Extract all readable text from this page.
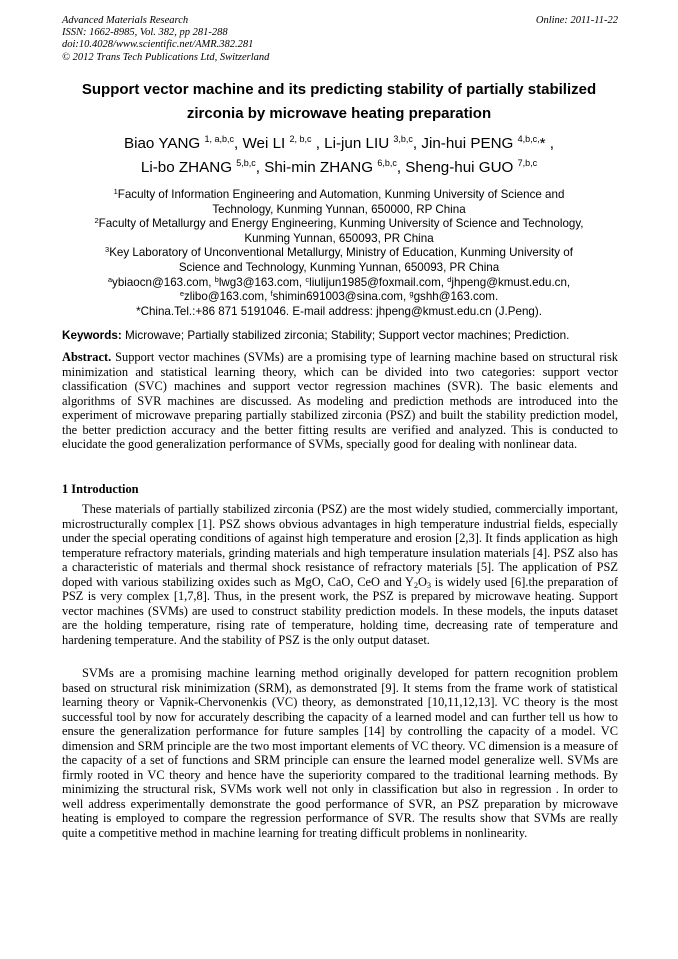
Advanced Materials Research
ISSN: 1662-8985, Vol. 382, pp 281-288
doi:10.4028/www.scientific.net/AMR.382.281
© 2012 Trans Tech Publications Ltd, Switzerland
Online: 2011-11-22
Support vector machine and its predicting stability of partially stabilized
zirconia by microwave heating preparation
Biao YANG $^{1, a,b,c}$, Wei LI $^{2, b,c}$ , Li-jun LIU $^{3,b,c}$, Jin-hui PENG $^{4,b,c,}$* ,
Li-bo ZHANG $^{5,b,c}$, Shi-min ZHANG $^{6,b,c}$, Sheng-hui GUO $^{7,b,c}$
$^1$Faculty of Information Engineering and Automation, Kunming University of Science and
Technology, Kunming Yunnan, 650000, RP China
$^2$Faculty of Metallurgy and Energy Engineering, Kunming University of Science and Technology,
Kunming Yunnan, 650093, PR China
$^3$Key Laboratory of Unconventional Metallurgy, Ministry of Education, Kunming University of
Science and Technology, Kunming Yunnan, 650093, PR China
$^a$ybiaocn@163.com, $^b$lwg3@163.com, $^c$liulijun1985@foxmail.com, $^d$jhpeng@kmust.edu.cn,
$^e$zlibo@163.com, $^f$shimin691003@sina.com, $^g$gshh@163.com.
*China.Tel.:+86 871 5191046. E-mail address: jhpeng@kmust.edu.cn (J.Peng).
Keywords: Microwave; Partially stabilized zirconia; Stability; Support vector machines; Prediction.

Abstract. Support vector machines (SVMs) are a promising type of learning machine based on structural risk minimization and statistical learning theory, which can be divided into two categories: support vector classification (SVC) machines and support vector regression machines (SVR). The basic elements and algorithms of SVR machines are discussed. As modeling and prediction methods are introduced into the experiment of microwave preparing partially stabilized zirconia (PSZ) and built the stability prediction model, the better prediction accuracy and the better fitting results are verified and analyzed. This is conducted to elucidate the good generalization performance of SVMs, specially good for dealing with nonlinear data.

1 Introduction

These materials of partially stabilized zirconia (PSZ) are the most widely studied, commercially important, microstructurally complex [1]. PSZ shows obvious advantages in high temperature industrial fields, especially under the special operating conditions of against high temperature and erosion [2,3]. It finds application as high temperature refractory materials, grinding materials and high temperature insulation materials [4]. PSZ also has a characteristic of materials and thermal shock resistance of refractory materials [5]. The application of PSZ doped with various stabilizing oxides such as MgO, CaO, CeO and $Y_2O_3$ is widely used [6].the preparation of PSZ is very complex [1,7,8]. Thus, in the present work, the PSZ is prepared by microwave heating. Support vector machines (SVMs) are used to construct stability prediction models. In these models, the inputs dataset are the holding temperature, rising rate of temperature, holding time, decreasing rate of temperature and hardening temperature. And the stability of PSZ is the only output dataset.

SVMs are a promising machine learning method originally developed for pattern recognition problem based on structural risk minimization (SRM), as demonstrated [9]. It stems from the frame work of statistical learning theory or Vapnik-Chervonenkis (VC) theory, as demonstrated [10,11,12,13]. VC theory is the most successful tool by now for accurately describing the capacity of a learned model and can further tell us how to ensure the generalization performance for future samples [14] by controlling the capacity of a model. VC dimension and SRM principle are the two most important elements of VC theory. VC dimension is a measure of the capacity of a set of functions and SRM principle can ensure the learned model generalize well. SVMs are firmly rooted in VC theory and hence have the superiority compared to the traditional learning methods. By minimizing the structural risk, SVMs work well not only in classification but also in regression . In order to well address experimentally demonstrate the good performance of SVR, an PSZ preparation by microwave heating is employed to compare the regression performance of SVR. The results show that SVMs are really quite a competitive method in machine learning for treating difficult problems in nonlinearity.
